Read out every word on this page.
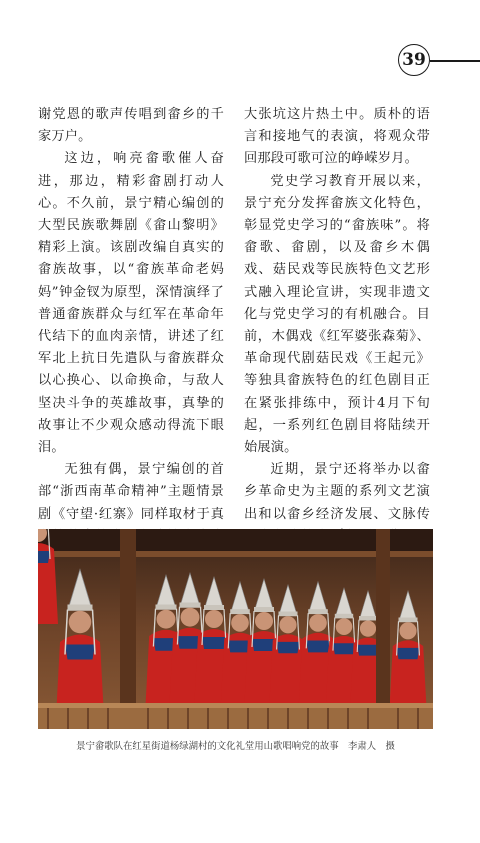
39

谢党恩的歌声传唱到畲乡的千家万户。

这边，响亮畲歌催人奋进，那边，精彩畲剧打动人心。不久前，景宁精心编创的大型民族歌舞剧《畲山黎明》精彩上演。该剧改编自真实的畲族故事，以“畲族革命老妈妈”钟金钗为原型，深情演绎了普通畲族群众与红军在革命年代结下的血肉亲情，讲述了红军北上抗日先遣队与畲族群众以心换心、以命换命，与敌人坚决斗争的英雄故事，真挚的故事让不少观众感动得流下眼泪。

无独有偶，景宁编创的首部“浙西南革命精神”主题情景剧《守望·红寨》同样取材于真

大张坑这片热土中。质朴的语言和接地气的表演，将观众带回那段可歌可泣的峥嵘岁月。

党史学习教育开展以来，景宁充分发挥畲族文化特色，彰显党史学习的“畲族味”。将畲歌、畲剧，以及畲乡木偶戏、菇民戏等民族特色文艺形式融入理论宣讲，实现非遗文化与党史学习的有机融合。目前，木偶戏《红军婆张森菊》、革命现代剧菇民戏《王起元》等独具畲族特色的红色剧目正在紧张排练中，预计4月下旬起，一系列红色剧目将陆续开始展演。

近期，景宁还将举办以畲乡革命史为主题的系列文艺演出和以畲乡经济发展、文脉传

景宁畲歌队在红星街道杨绿湖村的文化礼堂用山歌唱响党的故事　李肃人　摄
